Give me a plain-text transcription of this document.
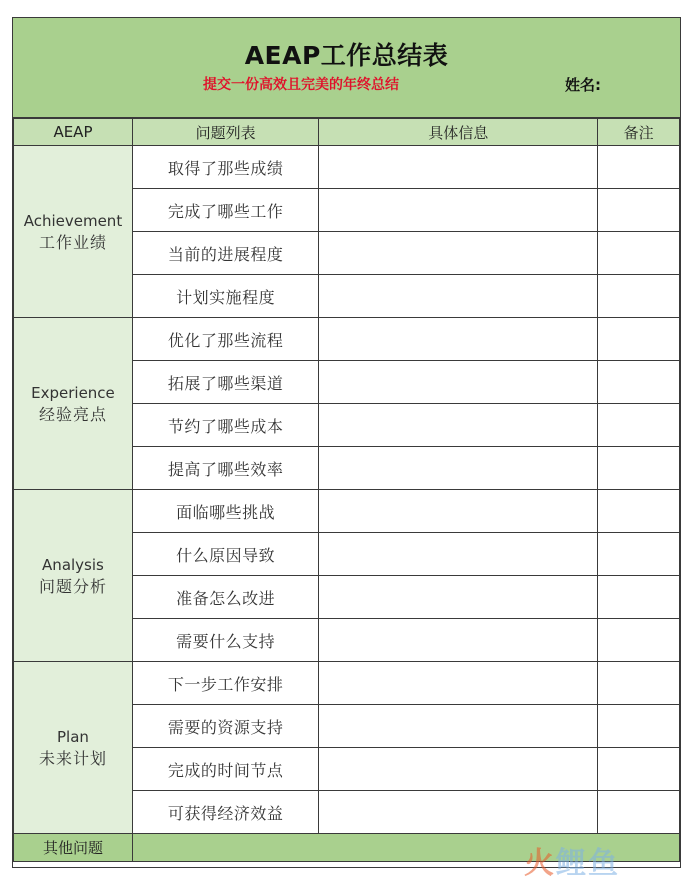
AEAP工作总结表
提交一份高效且完美的年终总结	姓名:
AEAP	问题列表	具体信息	备注

Achievement
工作业绩	取得了那些成绩		
	完成了哪些工作		
	当前的进展程度		
	计划实施程度		

Experience
经验亮点	优化了那些流程		
	拓展了哪些渠道		
	节约了哪些成本		
	提高了哪些效率		

Analysis
问题分析	面临哪些挑战		
	什么原因导致		
	准备怎么改进		
	需要什么支持		

Plan
未来计划	下一步工作安排		
	需要的资源支持		
	完成的时间节点		
	可获得经济效益		
其他问题				火鲤鱼
